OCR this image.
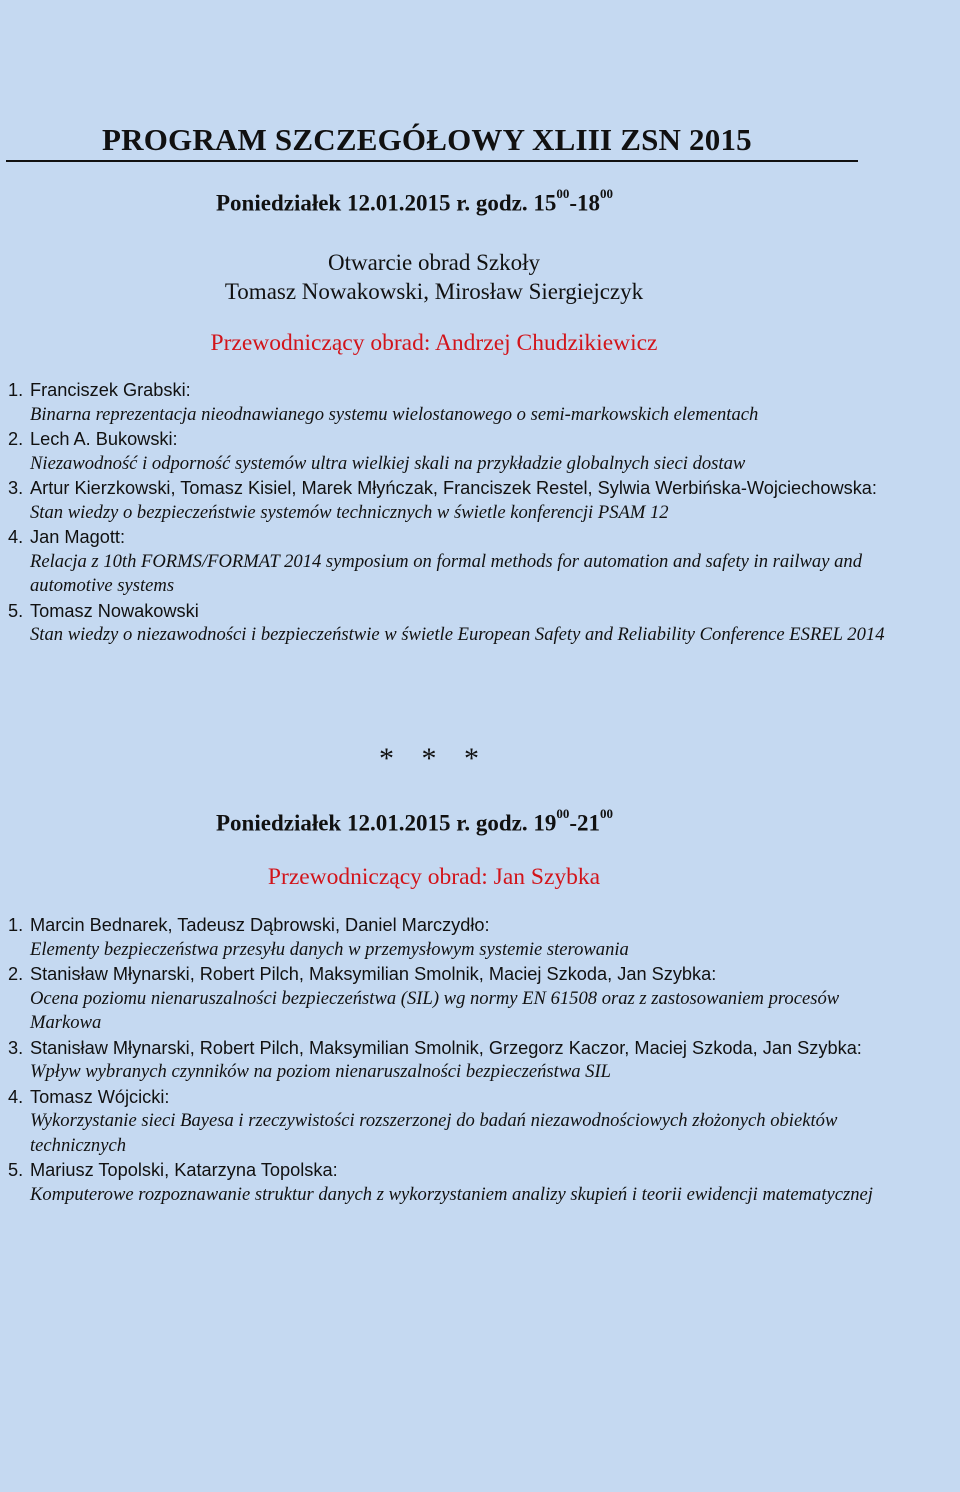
PROGRAM SZCZEGÓŁOWY XLIII ZSN 2015
Poniedziałek 12.01.2015 r. godz. $15^{00}-18^{00}$
Otwarcie obrad Szkoły
Tomasz Nowakowski, Mirosław Siergiejczyk
Przewodniczący obrad: Andrzej Chudzikiewicz
1. Franciszek Grabski:
Binarna reprezentacja nieodnawianego systemu wielostanowego o semi-markowskich elementach
2. Lech A. Bukowski:
Niezawodność i odporność systemów ultra wielkiej skali na przykładzie globalnych sieci dostaw
3. Artur Kierzkowski, Tomasz Kisiel, Marek Młyńczak, Franciszek Restel, Sylwia Werbińska-Wojciechowska:
Stan wiedzy o bezpieczeństwie systemów technicznych w świetle konferencji PSAM 12
4. Jan Magott:
Relacja z 10th FORMS/FORMAT 2014 symposium on formal methods for automation and safety in railway and automotive systems
5. Tomasz Nowakowski
Stan wiedzy o niezawodności i bezpieczeństwie w świetle European Safety and Reliability Conference ESREL 2014
* * *
Poniedziałek 12.01.2015 r. godz. $19^{00}-21^{00}$
Przewodniczący obrad: Jan Szybka
1. Marcin Bednarek, Tadeusz Dąbrowski, Daniel Marczydło:
Elementy bezpieczeństwa przesyłu danych w przemysłowym systemie sterowania
2. Stanisław Młynarski, Robert Pilch, Maksymilian Smolnik, Maciej Szkoda, Jan Szybka:
Ocena poziomu nienaruszalności bezpieczeństwa (SIL) wg normy EN 61508 oraz z zastosowaniem procesów Markowa
3. Stanisław Młynarski, Robert Pilch, Maksymilian Smolnik, Grzegorz Kaczor, Maciej Szkoda, Jan Szybka:
Wpływ wybranych czynników na poziom nienaruszalności bezpieczeństwa SIL
4. Tomasz Wójcicki:
Wykorzystanie sieci Bayesa i rzeczywistości rozszerzonej do badań niezawodnościowych złożonych obiektów technicznych
5. Mariusz Topolski, Katarzyna Topolska:
Komputerowe rozpoznawanie struktur danych z wykorzystaniem analizy skupień i teorii ewidencji matematycznej
